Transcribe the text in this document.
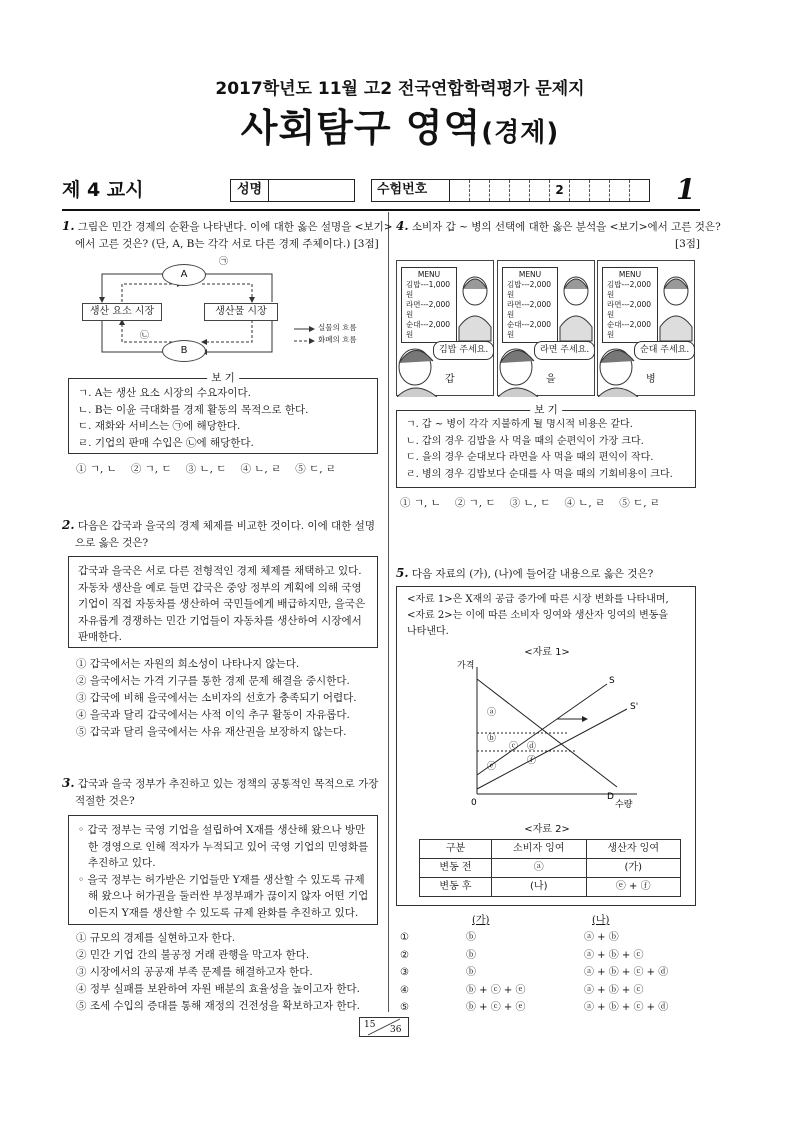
2017학년도 11월 고2 전국연합학력평가 문제지
사회탐구 영역(경제)
제 4 교시	성명	수험번호	2	1
1. 그림은 민간 경제의 순환을 나타낸다. 이에 대한 옳은 설명을 <보기>
에서 고른 것은? (단, A, B는 각각 서로 다른 경제 주체이다.) [3점]
A
B
생산 요소 시장	생산물 시장
㉠
㉡
실물의 흐름
화폐의 흐름
보 기
ㄱ. A는 생산 요소 시장의 수요자이다.
ㄴ. B는 이윤 극대화를 경제 활동의 목적으로 한다.
ㄷ. 재화와 서비스는 ㉠에 해당한다.
ㄹ. 기업의 판매 수입은 ㉡에 해당한다.
① ㄱ, ㄴ ② ㄱ, ㄷ ③ ㄴ, ㄷ ④ ㄴ, ㄹ ⑤ ㄷ, ㄹ
2. 다음은 갑국과 을국의 경제 체제를 비교한 것이다. 이에 대한 설명
으로 옳은 것은?
갑국과 을국은 서로 다른 전형적인 경제 체제를 채택하고 있다.
자동차 생산을 예로 들면 갑국은 중앙 정부의 계획에 의해 국영
기업이 직접 자동차를 생산하여 국민들에게 배급하지만, 을국은
자유롭게 경쟁하는 민간 기업들이 자동차를 생산하여 시장에서
판매한다.
① 갑국에서는 자원의 희소성이 나타나지 않는다.
② 을국에서는 가격 기구를 통한 경제 문제 해결을 중시한다.
③ 갑국에 비해 을국에서는 소비자의 선호가 충족되기 어렵다.
④ 을국과 달리 갑국에서는 사적 이익 추구 활동이 자유롭다.
⑤ 갑국과 달리 을국에서는 사유 재산권을 보장하지 않는다.
3. 갑국과 을국 정부가 추진하고 있는 정책의 공통적인 목적으로 가장
적절한 것은?
◦ 갑국 정부는 국영 기업을 설립하여 X재를 생산해 왔으나 방만
한 경영으로 인해 적자가 누적되고 있어 국영 기업의 민영화를
추진하고 있다.
◦ 을국 정부는 허가받은 기업들만 Y재를 생산할 수 있도록 규제
해 왔으나 허가권을 둘러싼 부정부패가 끊이지 않자 어떤 기업
이든지 Y재를 생산할 수 있도록 규제 완화를 추진하고 있다.
① 규모의 경제를 실현하고자 한다.
② 민간 기업 간의 불공정 거래 관행을 막고자 한다.
③ 시장에서의 공공재 부족 문제를 해결하고자 한다.
④ 정부 실패를 보완하여 자원 배분의 효율성을 높이고자 한다.
⑤ 조세 수입의 증대를 통해 재정의 건전성을 확보하고자 한다.
4. 소비자 갑 ~ 병의 선택에 대한 옳은 분석을 <보기>에서 고른 것은?
[3점]
MENU
김밥---1,000원
라면---2,000원
순대---2,000원
김밥 주세요.
갑
MENU
김밥---2,000원
라면---2,000원
순대---2,000원
라면 주세요.
을
MENU
김밥---2,000원
라면---2,000원
순대---2,000원
순대 주세요.
병
보 기
ㄱ. 갑 ~ 병이 각각 지불하게 될 명시적 비용은 같다.
ㄴ. 갑의 경우 김밥을 사 먹을 때의 순편익이 가장 크다.
ㄷ. 을의 경우 순대보다 라면을 사 먹을 때의 편익이 작다.
ㄹ. 병의 경우 김밥보다 순대를 사 먹을 때의 기회비용이 크다.
① ㄱ, ㄴ ② ㄱ, ㄷ ③ ㄴ, ㄷ ④ ㄴ, ㄹ ⑤ ㄷ, ㄹ
5. 다음 자료의 (가), (나)에 들어갈 내용으로 옳은 것은?
<자료 1>은 X재의 공급 증가에 따른 시장 변화를 나타내며,
<자료 2>는 이에 따른 소비자 잉여와 생산자 잉여의 변동을
나타낸다.
<자료 1>
가격
수량
0
S
S'
D
ⓐ
ⓑ
ⓒ ⓓ
ⓔ
ⓕ
<자료 2>
구분	소비자 잉여	생산자 잉여
변동 전	ⓐ	(가)
변동 후	(나)	ⓔ + ⓕ
(가)	(나)
①	ⓑ	ⓐ + ⓑ
②	ⓑ	ⓐ + ⓑ + ⓒ
③	ⓑ	ⓐ + ⓑ + ⓒ + ⓓ
④	ⓑ + ⓒ + ⓔ	ⓐ + ⓑ + ⓒ
⑤	ⓑ + ⓒ + ⓔ	ⓐ + ⓑ + ⓒ + ⓓ
15 36
